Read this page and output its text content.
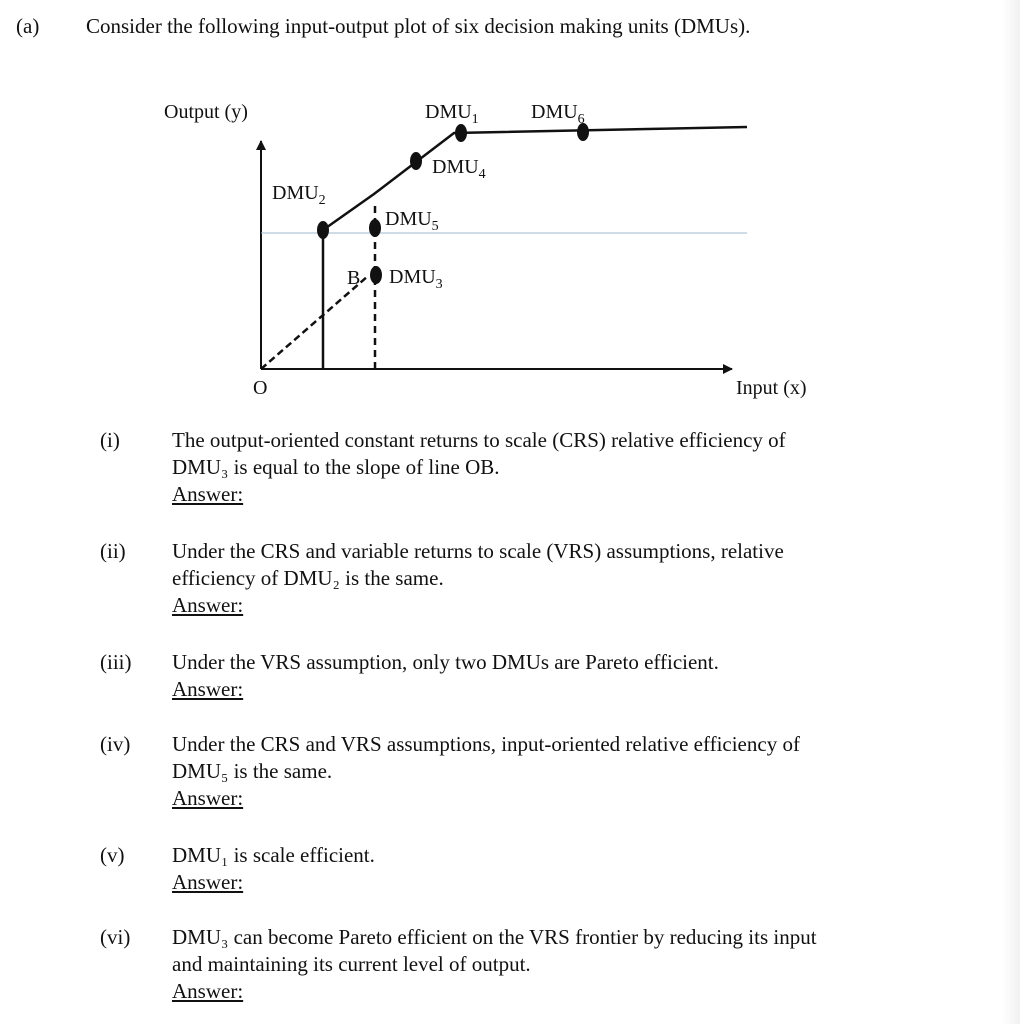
(a) Consider the following input-output plot of six decision making units (DMUs).
Output (y)
Input (x)
O
B
$DMU_1$	$DMU_6$
$DMU_4$
$DMU_2$
$DMU_5$
$DMU_3$
(i) The output-oriented constant returns to scale (CRS) relative efficiency of
DMU₃ is equal to the slope of line OB.
Answer:
(ii) Under the CRS and variable returns to scale (VRS) assumptions, relative
efficiency of DMU₂ is the same.
Answer:
(iii) Under the VRS assumption, only two DMUs are Pareto efficient.
Answer:
(iv) Under the CRS and VRS assumptions, input-oriented relative efficiency of
DMU₅ is the same.
Answer:
(v) DMU₁ is scale efficient.
Answer:
(vi) DMU₃ can become Pareto efficient on the VRS frontier by reducing its input
and maintaining its current level of output.
Answer:
